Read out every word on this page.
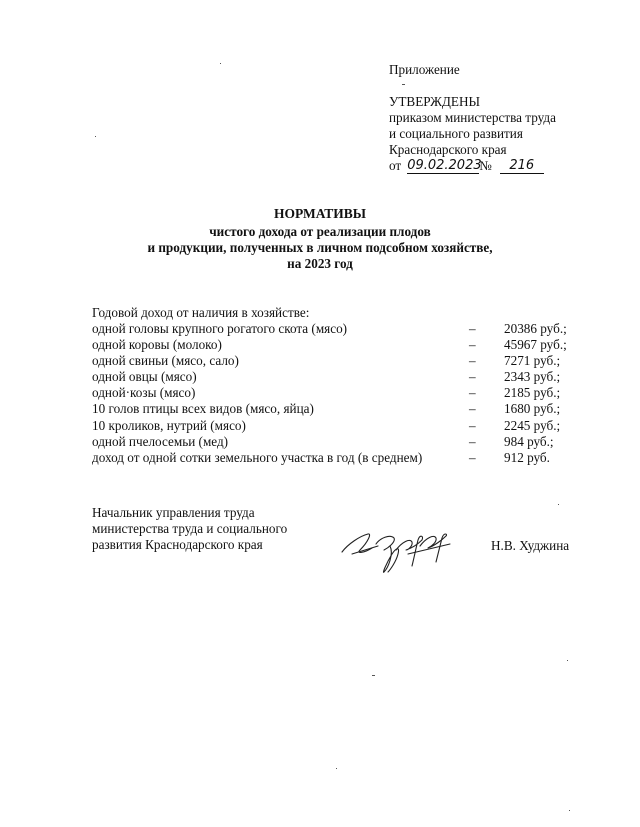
Приложение
УТВЕРЖДЕНЫ
приказом министерства труда
и социального развития
Краснодарского края
от 09.02.2023
№	216
НОРМАТИВЫ
чистого дохода от реализации плодов
и продукции, полученных в личном подсобном хозяйстве,
на 2023 год
Годовой доход от наличия в хозяйстве:
одной головы крупного рогатого скота (мясо)	– 20386 руб.;
одной коровы (молоко)	– 45967 руб.;
одной свиньи (мясо, сало)	– 7271 руб.;
одной овцы (мясо)	– 2343 руб.;
одной·козы (мясо)	– 2185 руб.;
10 голов птицы всех видов (мясо, яйца)	– 1680 руб.;
10 кроликов, нутрий (мясо)	– 2245 руб.;
одной пчелосемьи (мед)	– 984 руб.;
доход от одной сотки земельного участка в год (в среднем)	– 912 руб.
Начальник управления труда
министерства труда и социального
развития Краснодарского края	Н.В. Худжина
